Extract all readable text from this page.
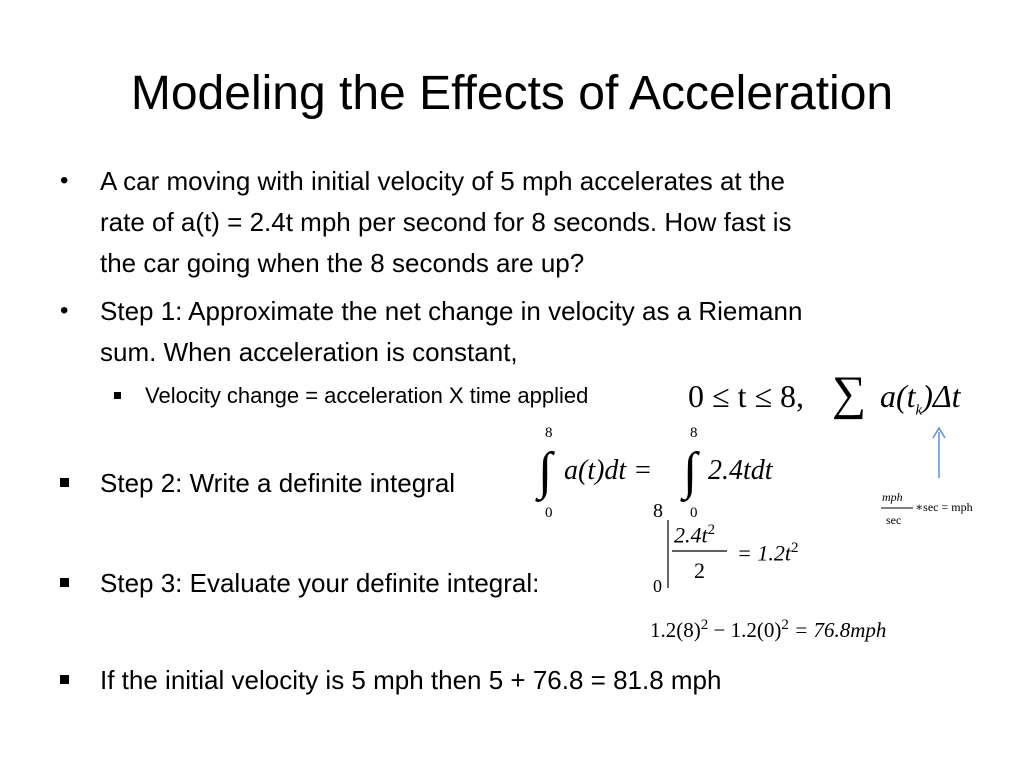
Modeling the Effects of Acceleration
• A car moving with initial velocity of 5 mph accelerates at the
rate of a(t) = 2.4t mph per second for 8 seconds. How fast is
the car going when the 8 seconds are up?
• Step 1: Approximate the net change in velocity as a Riemann
sum. When acceleration is constant,
Velocity change = acceleration X time applied	0 ≤ t ≤ 8, ∑ $a(t_k)\Delta t$
Step 2: Write a definite integral
8
∫
0
a(t)dt =
8
∫
0
2.4tdt
mph
sec
∗sec = mph
Step 3: Evaluate your definite integral:
8
0
$2.4t^2$
2
= $1.2t^2$
$1.2(8)^2 - 1.2(0)^2 = 76.8mph$
If the initial velocity is 5 mph then 5 + 76.8 = 81.8 mph
